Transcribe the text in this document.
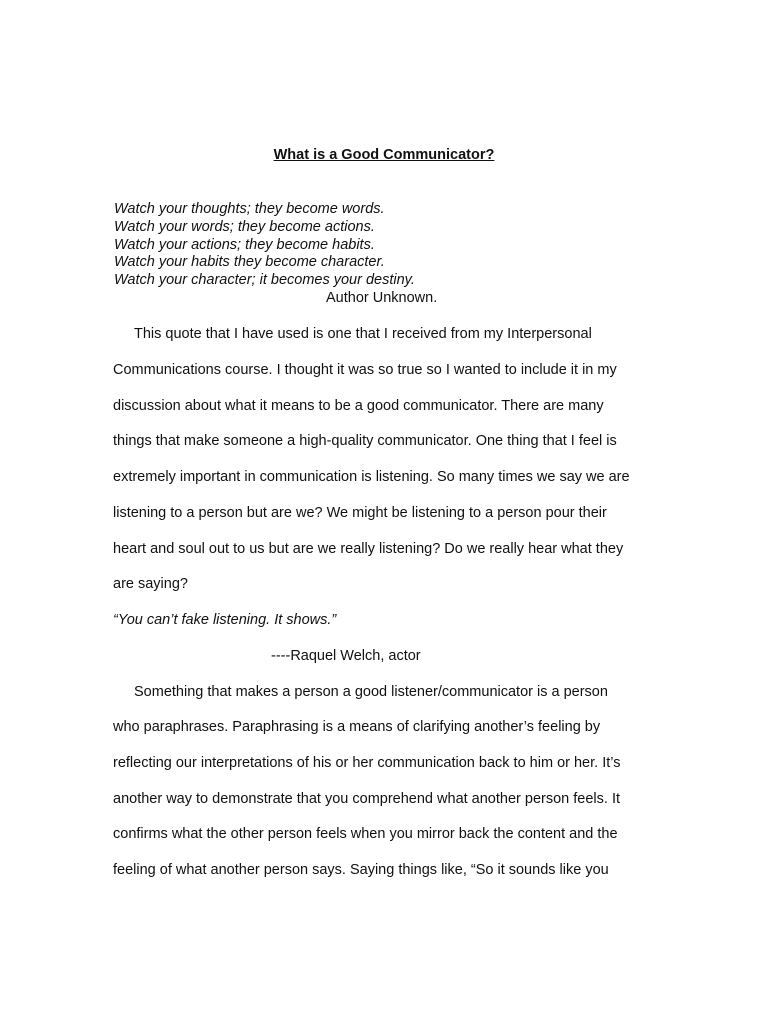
What is a Good Communicator?
Watch your thoughts; they become words.
Watch your words; they become actions.
Watch your actions; they become habits.
Watch your habits they become character.
Watch your character; it becomes your destiny.
Author Unknown.
This quote that I have used is one that I received from my Interpersonal
Communications course. I thought it was so true so I wanted to include it in my
discussion about what it means to be a good communicator. There are many
things that make someone a high-quality communicator. One thing that I feel is
extremely important in communication is listening. So many times we say we are
listening to a person but are we? We might be listening to a person pour their
heart and soul out to us but are we really listening? Do we really hear what they
are saying?
“You can’t fake listening. It shows.”
----Raquel Welch, actor
Something that makes a person a good listener/communicator is a person
who paraphrases. Paraphrasing is a means of clarifying another’s feeling by
reflecting our interpretations of his or her communication back to him or her. It’s
another way to demonstrate that you comprehend what another person feels. It
confirms what the other person feels when you mirror back the content and the
feeling of what another person says. Saying things like, “So it sounds like you
